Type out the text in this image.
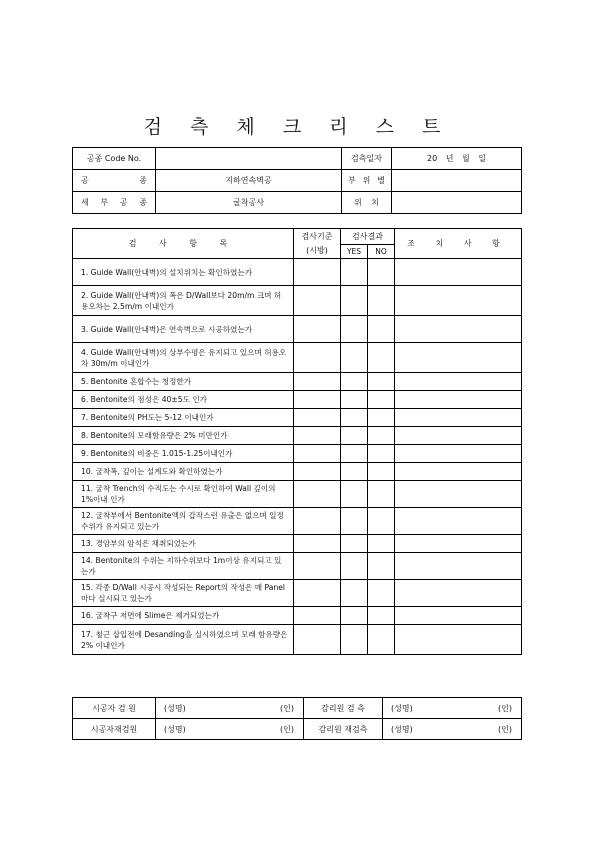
검 측 체 크 리 스 트
공종 Code No.		검측일자	20 년 월 일
공 종	지하연속벽공	부 위 별	
세 부 공 종	굴착공사	위 치	
검 사 항 목	검사기준 (시방)	검사결과		조 치 사 항
		YES	NO	
1. Guide Wall(안내벽)의 설치위치는 확인하였는가				
2. Guide Wall(안내벽)의 폭은 D/Wall보다 20m/m 크며 허용오차는 2.5m/m 이내인가				
3. Guide Wall(안내벽)은 연속벽으로 시공하였는가				
4. Guide Wall(안내벽)의 상부수평은 유지되고 있으며 허용오차 30m/m 이내인가				
5. Bentonite 혼합수는 청정한가				
6. Bentonite의 점성은 40±5도 인가				
7. Bentonite의 PH도는 5-12 이내인가				
8. Bentonite의 모래함유량은 2% 미만인가				
9. Bentonite의 비중은 1.015-1.25이내인가				
10. 굴착폭, 깊이는 설계도와 확인하였는가				
11. 굴착 Trench의 수직도는 수시로 확인하여 Wall 깊이의 1%이내 인가				
12. 굴착부에서 Bentonite액의 갑작스런 유출은 없으며 일정수위가 유지되고 있는가				
13. 경암부의 암석은 채취되었는가				
14. Bentonite의 수위는 지하수위보다 1m이상 유지되고 있는가				
15. 각종 D/Wall 시공시 작성되는 Report의 작성은 매 Panel마다 실시되고 있는가				
16. 굴착구 저면에 Slime은 제거되었는가				
17. 철근 삽입전에 Desanding을 실시하였으며 모래 함유량은 2% 이내인가				
시공자 검 원	(성명) (인)	감리원 검 측	(성명) (인)

시공자재검원	(성명) (인)	감리원 재검측	(성명) (인)
